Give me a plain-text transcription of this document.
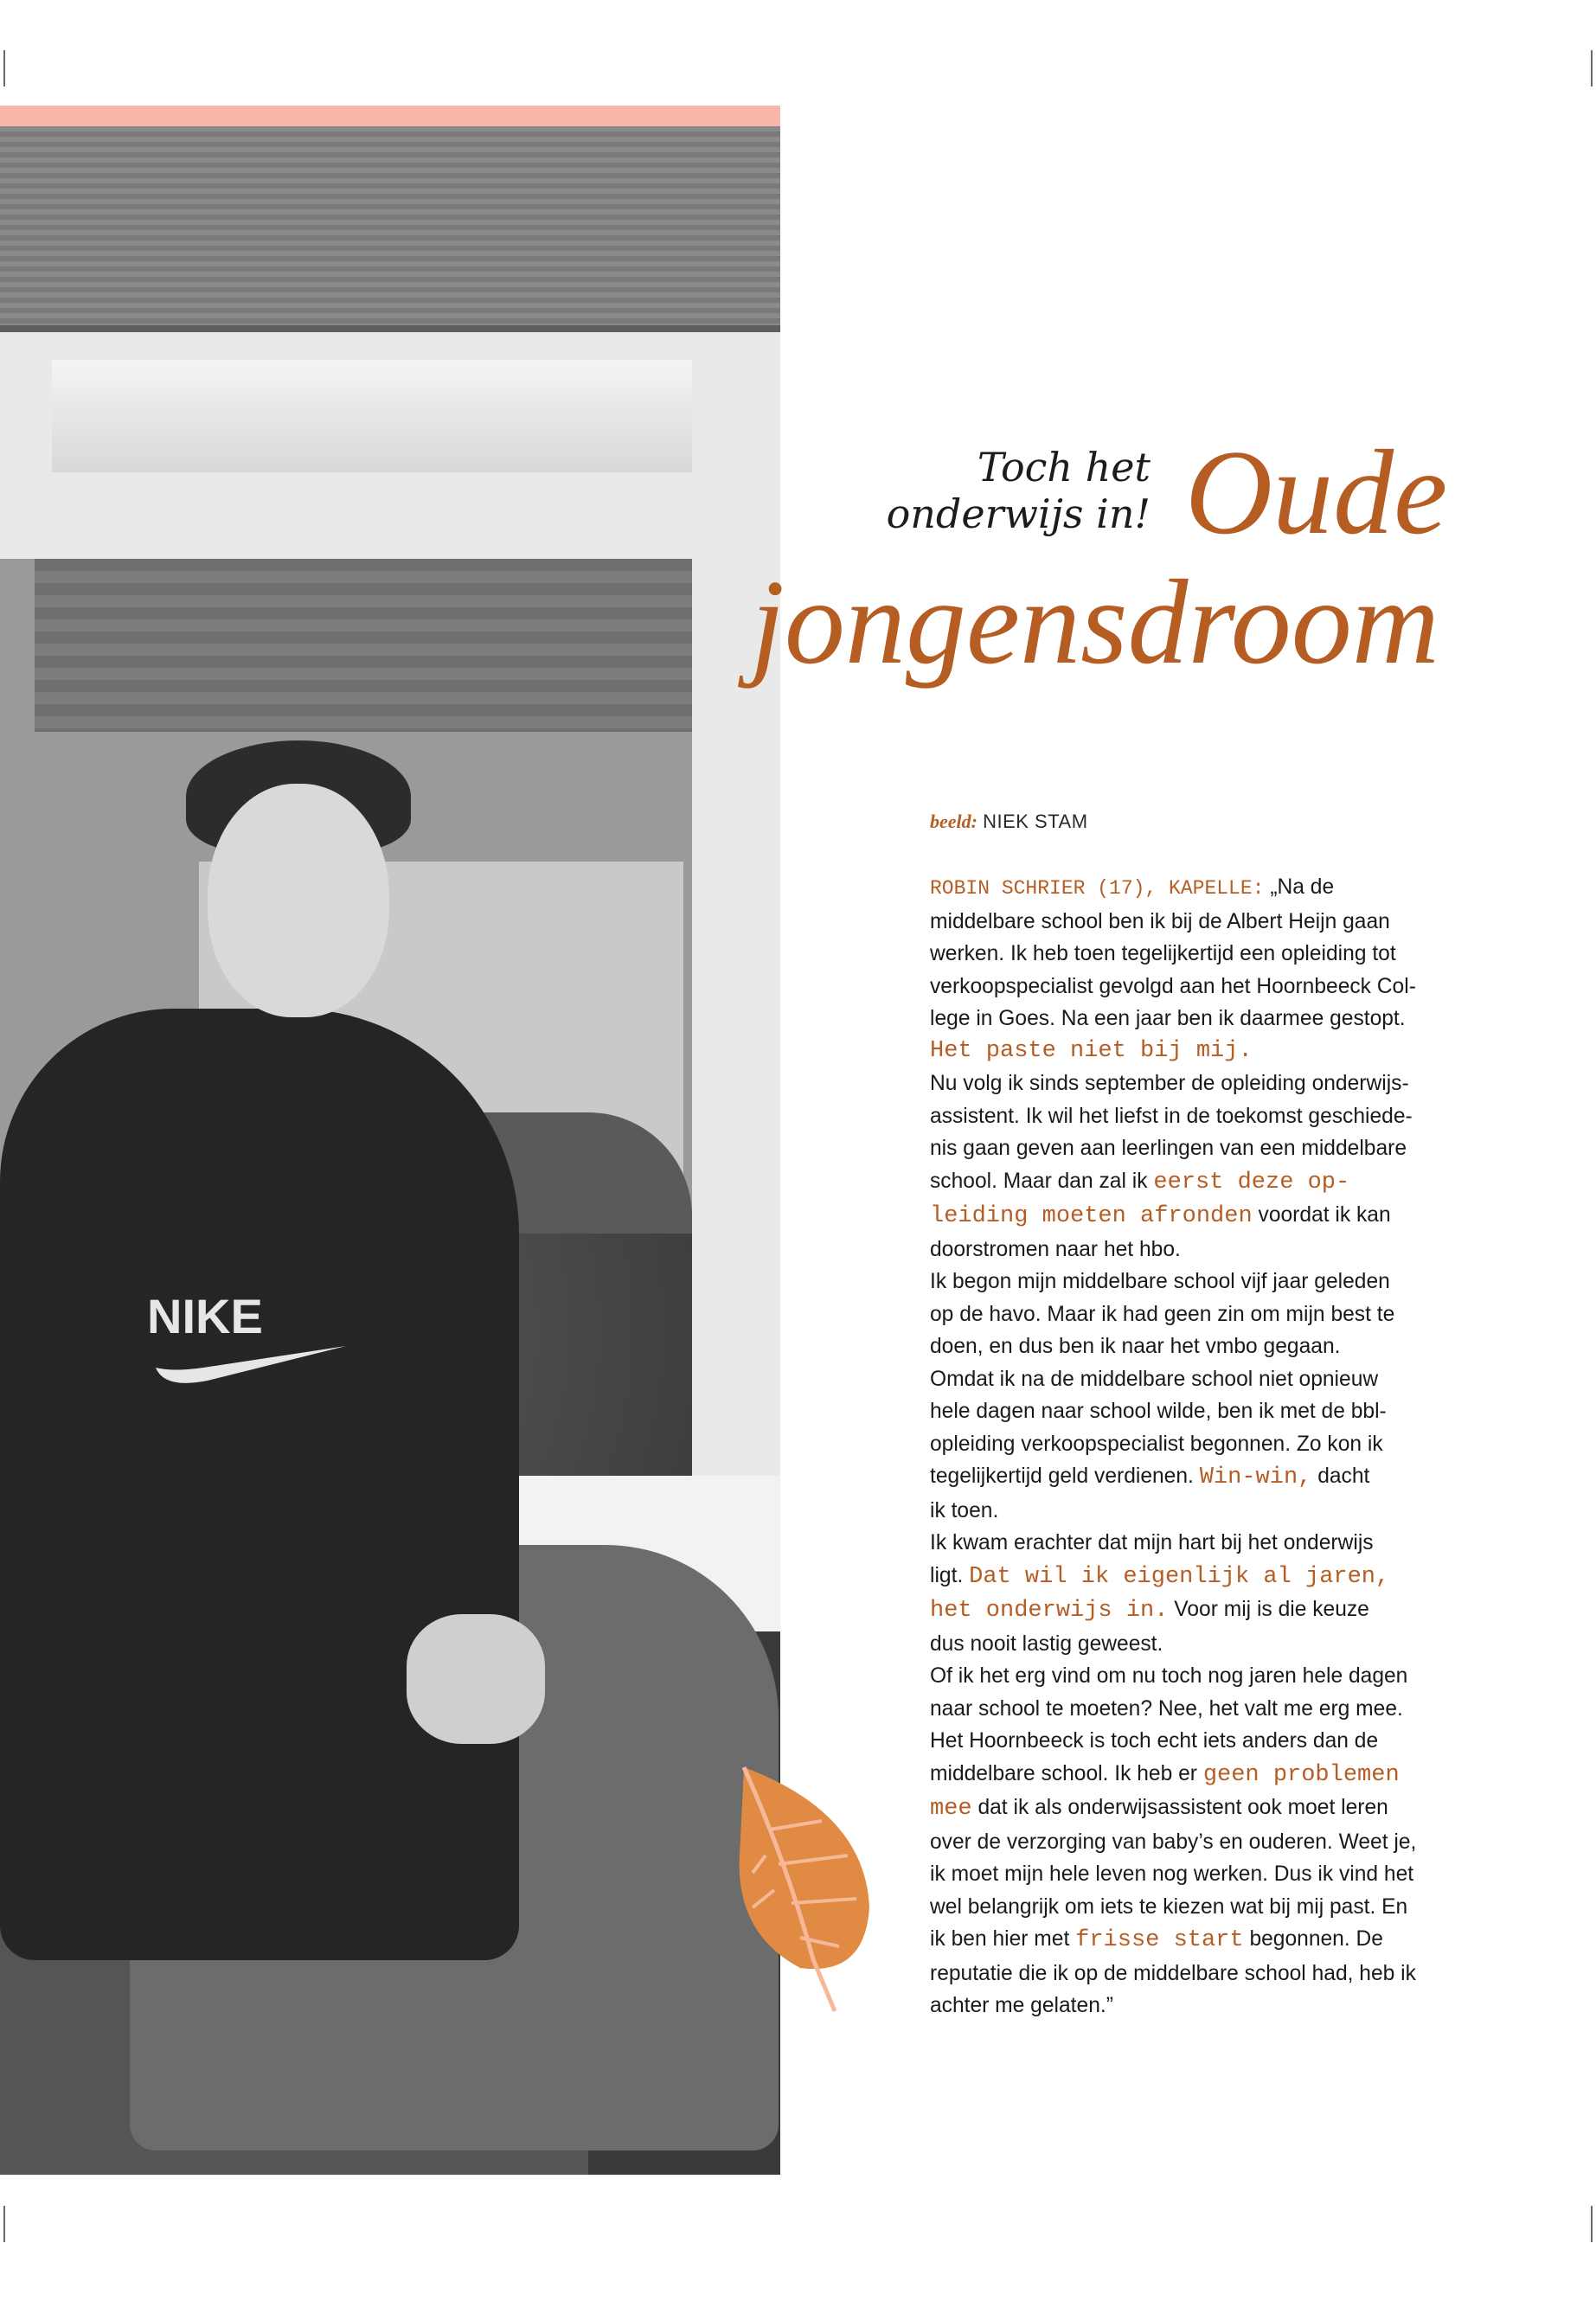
NIKE
Toch het
onderwijs in! Oude
jongensdroom
beeld: NIEK STAM
ROBIN SCHRIER (17), KAPELLE: „Na de
middelbare school ben ik bij de Albert Heijn gaan
werken. Ik heb toen tegelijkertijd een opleiding tot
verkoopspecialist gevolgd aan het Hoornbeeck Col-
lege in Goes. Na een jaar ben ik daarmee gestopt.
Het paste niet bij mij.
Nu volg ik sinds september de opleiding onderwijs-
assistent. Ik wil het liefst in de toekomst geschiede-
nis gaan geven aan leerlingen van een middelbare
school. Maar dan zal ik eerst deze op-
leiding moeten afronden voordat ik kan
doorstromen naar het hbo.
Ik begon mijn middelbare school vijf jaar geleden
op de havo. Maar ik had geen zin om mijn best te
doen, en dus ben ik naar het vmbo gegaan.
Omdat ik na de middelbare school niet opnieuw
hele dagen naar school wilde, ben ik met de bbl-
opleiding verkoopspecialist begonnen. Zo kon ik
tegelijkertijd geld verdienen. Win-win, dacht
ik toen.
Ik kwam erachter dat mijn hart bij het onderwijs
ligt. Dat wil ik eigenlijk al jaren,
het onderwijs in. Voor mij is die keuze
dus nooit lastig geweest.
Of ik het erg vind om nu toch nog jaren hele dagen
naar school te moeten? Nee, het valt me erg mee.
Het Hoornbeeck is toch echt iets anders dan de
middelbare school. Ik heb er geen problemen
mee dat ik als onderwijsassistent ook moet leren
over de verzorging van baby’s en ouderen. Weet je,
ik moet mijn hele leven nog werken. Dus ik vind het
wel belangrijk om iets te kiezen wat bij mij past. En
ik ben hier met frisse start begonnen. De
reputatie die ik op de middelbare school had, heb ik
achter me gelaten.”
